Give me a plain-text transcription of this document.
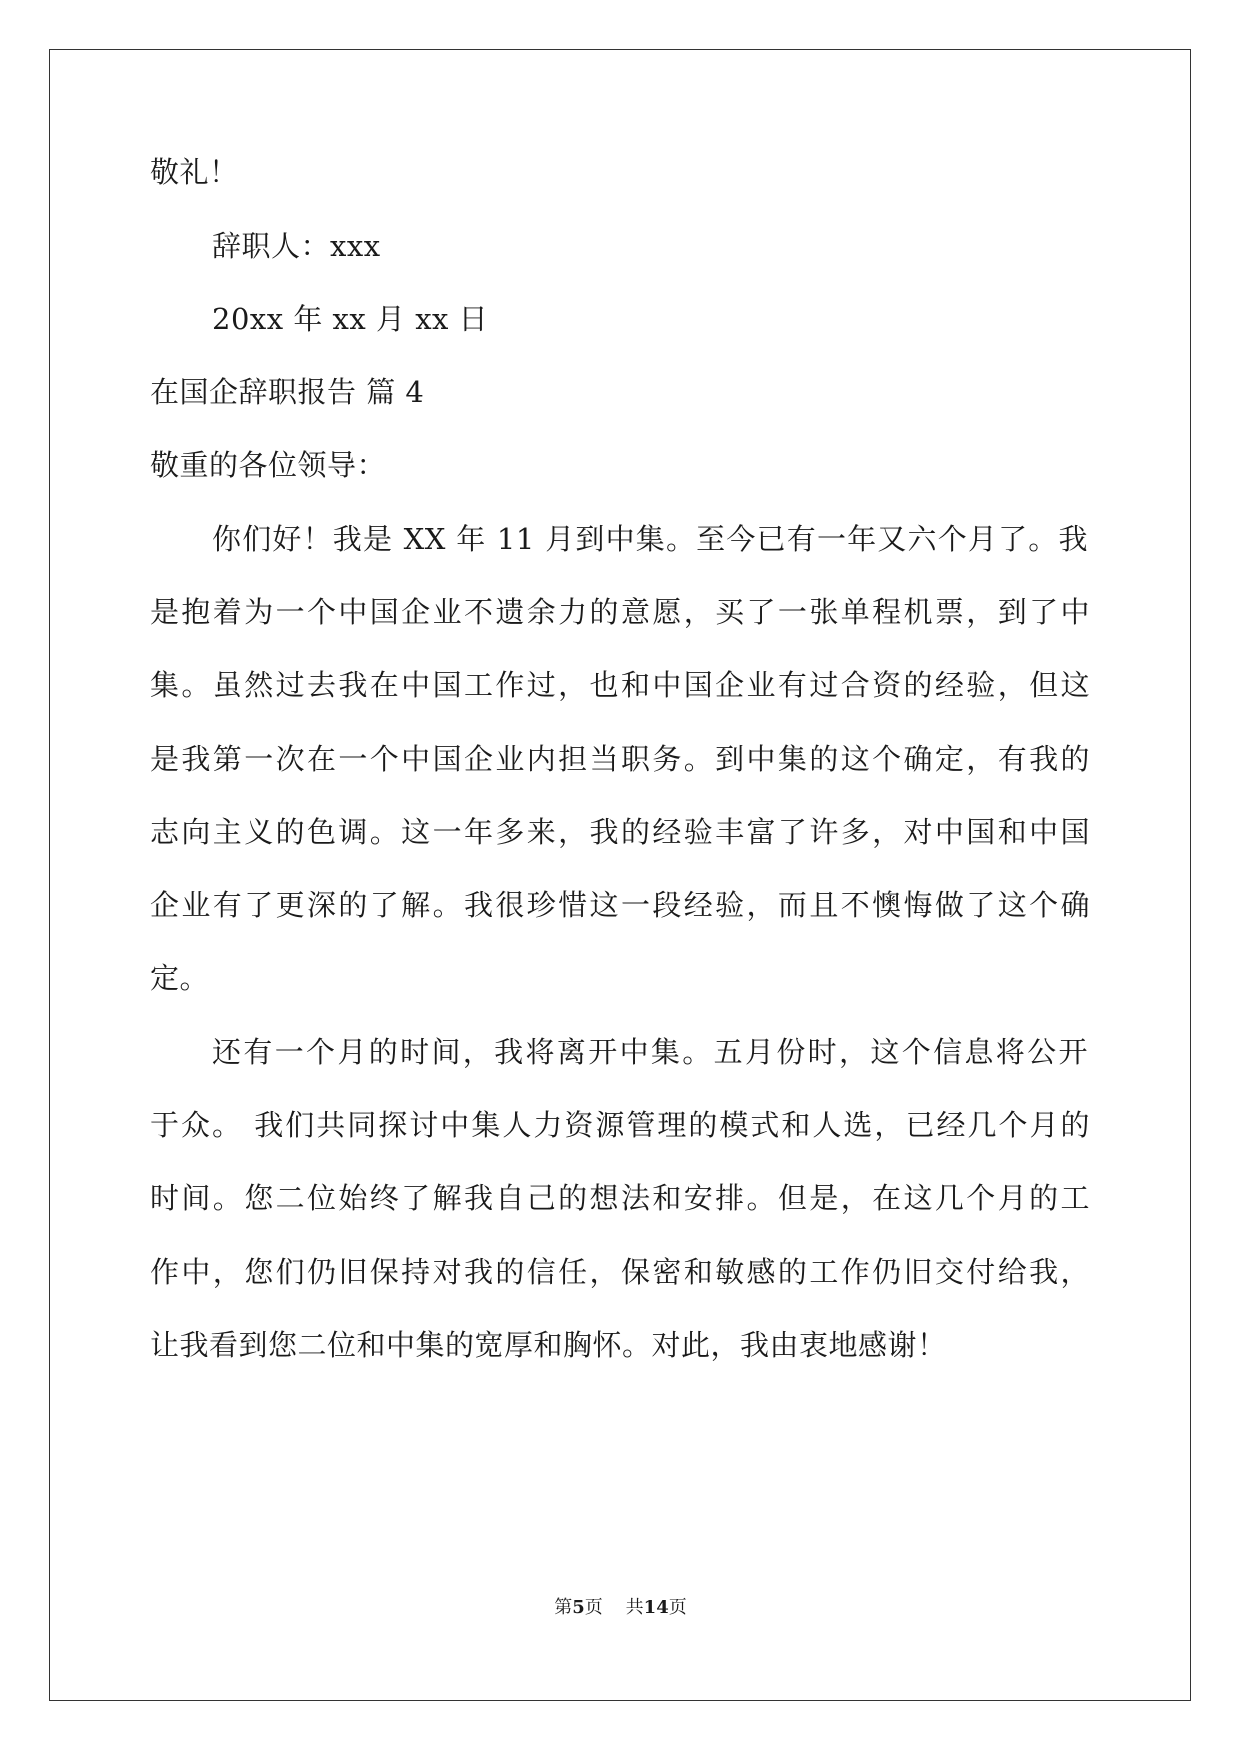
敬礼！
辞职人：xxx
20xx 年 xx 月 xx 日
在国企辞职报告 篇 4
敬重的各位领导：
你们好！我是 XX 年 11 月到中集。至今已有一年又六个月了。我
是抱着为一个中国企业不遗余力的意愿，买了一张单程机票，到了中
集。虽然过去我在中国工作过，也和中国企业有过合资的经验，但这
是我第一次在一个中国企业内担当职务。到中集的这个确定，有我的
志向主义的色调。这一年多来，我的经验丰富了许多，对中国和中国
企业有了更深的了解。我很珍惜这一段经验，而且不懊悔做了这个确
定。
还有一个月的时间，我将离开中集。五月份时，这个信息将公开
于众。 我们共同探讨中集人力资源管理的模式和人选，已经几个月的
时间。您二位始终了解我自己的想法和安排。但是，在这几个月的工
作中，您们仍旧保持对我的信任，保密和敏感的工作仍旧交付给我，
让我看到您二位和中集的宽厚和胸怀。对此，我由衷地感谢！
第5页 共14页
